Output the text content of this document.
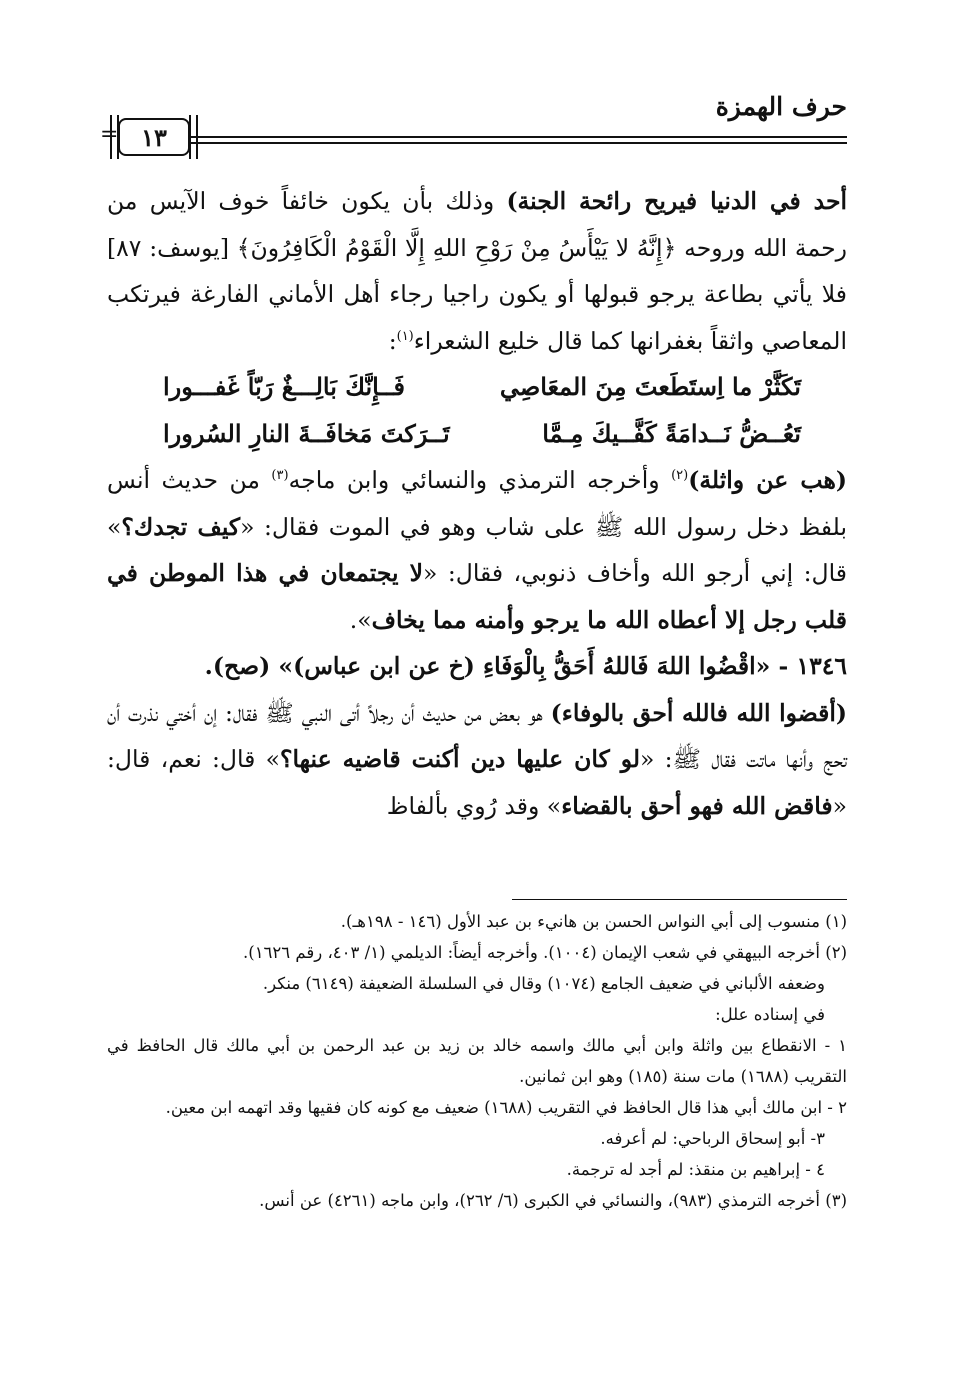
حرف الهمزة
١٣
=

أحد في الدنيا فيريح رائحة الجنة) وذلك بأن يكون خائفاً خوف الآيس من رحمة الله وروحه ﴿إِنَّهُ لا يَيْأَسُ مِنْ رَوْحِ اللهِ إِلَّا الْقَوْمُ الْكَافِرُونَ﴾ [يوسف: ٨٧] فلا يأتي بطاعة يرجو قبولها أو يكون راجيا رجاء أهل الأماني الفارغة فيرتكب المعاصي واثقاً بغفرانها كما قال خليع الشعراء$^{(١)}$:

تَكَثَّرْ ما اِستَطَعتَ مِنَ المعَاصِي
فَــإِنَّكَ بَالِـــغٌ رَبّاً غَفـــورا
تَعُــضُّ نَــدامَةً كَفَّــيكَ مِـمَّا
تَــرَكتَ مَخافَــةَ النارِ السُرورا

(هب عن واثلة)$^{(٢)}$ وأخرجه الترمذي والنسائي وابن ماجه$^{(٣)}$ من حديث أنس بلفظ دخل رسول الله ﷺ على شاب وهو في الموت فقال: «كيف تجدك؟» قال: إني أرجو الله وأخاف ذنوبي، فقال: «لا يجتمعان في هذا الموطن في قلب رجل إلا أعطاه الله ما يرجو وأمنه مما يخاف».

١٣٤٦ - «اقْضُوا اللهَ فَاللهُ أَحَقُّ بِالْوَفَاءِ (خ عن ابن عباس)» (صح).

(أقضوا الله فالله أحق بالوفاء) هو بعض من حديث أن رجلاً أتى النبي ﷺ فقال: إن أختي نذرت أن تحج وأنها ماتت فقال ﷺ: «لو كان عليها دين أكنت قاضيه عنها؟» قال: نعم، قال: «فاقض الله فهو أحق بالقضاء» وقد رُوي بألفاظ

(١) منسوب إلى أبي النواس الحسن بن هانيء بن عبد الأول (١٤٦ - ١٩٨هـ).

(٢) أخرجه البيهقي في شعب الإيمان (١٠٠٤). وأخرجه أيضاً: الديلمي (١/ ٤٠٣، رقم ١٦٢٦).

وضعفه الألباني في ضعيف الجامع (١٠٧٤) وقال في السلسلة الضعيفة (٦١٤٩) منكر.

في إسناده علل:

١ - الانقطاع بين واثلة وابن أبي مالك واسمه خالد بن زيد بن عبد الرحمن بن أبي مالك قال الحافظ في التقريب (١٦٨٨) مات سنة (١٨٥) وهو ابن ثمانين.

٢ - ابن مالك أبي هذا قال الحافظ في التقريب (١٦٨٨) ضعيف مع كونه كان فقيها وقد اتهمه ابن معين.

٣- أبو إسحاق الرباحي: لم أعرفه.

٤ - إبراهيم بن منقذ: لم أجد له ترجمة.

(٣) أخرجه الترمذي (٩٨٣)، والنسائي في الكبرى (٦/ ٢٦٢)، وابن ماجه (٤٢٦١) عن أنس.
